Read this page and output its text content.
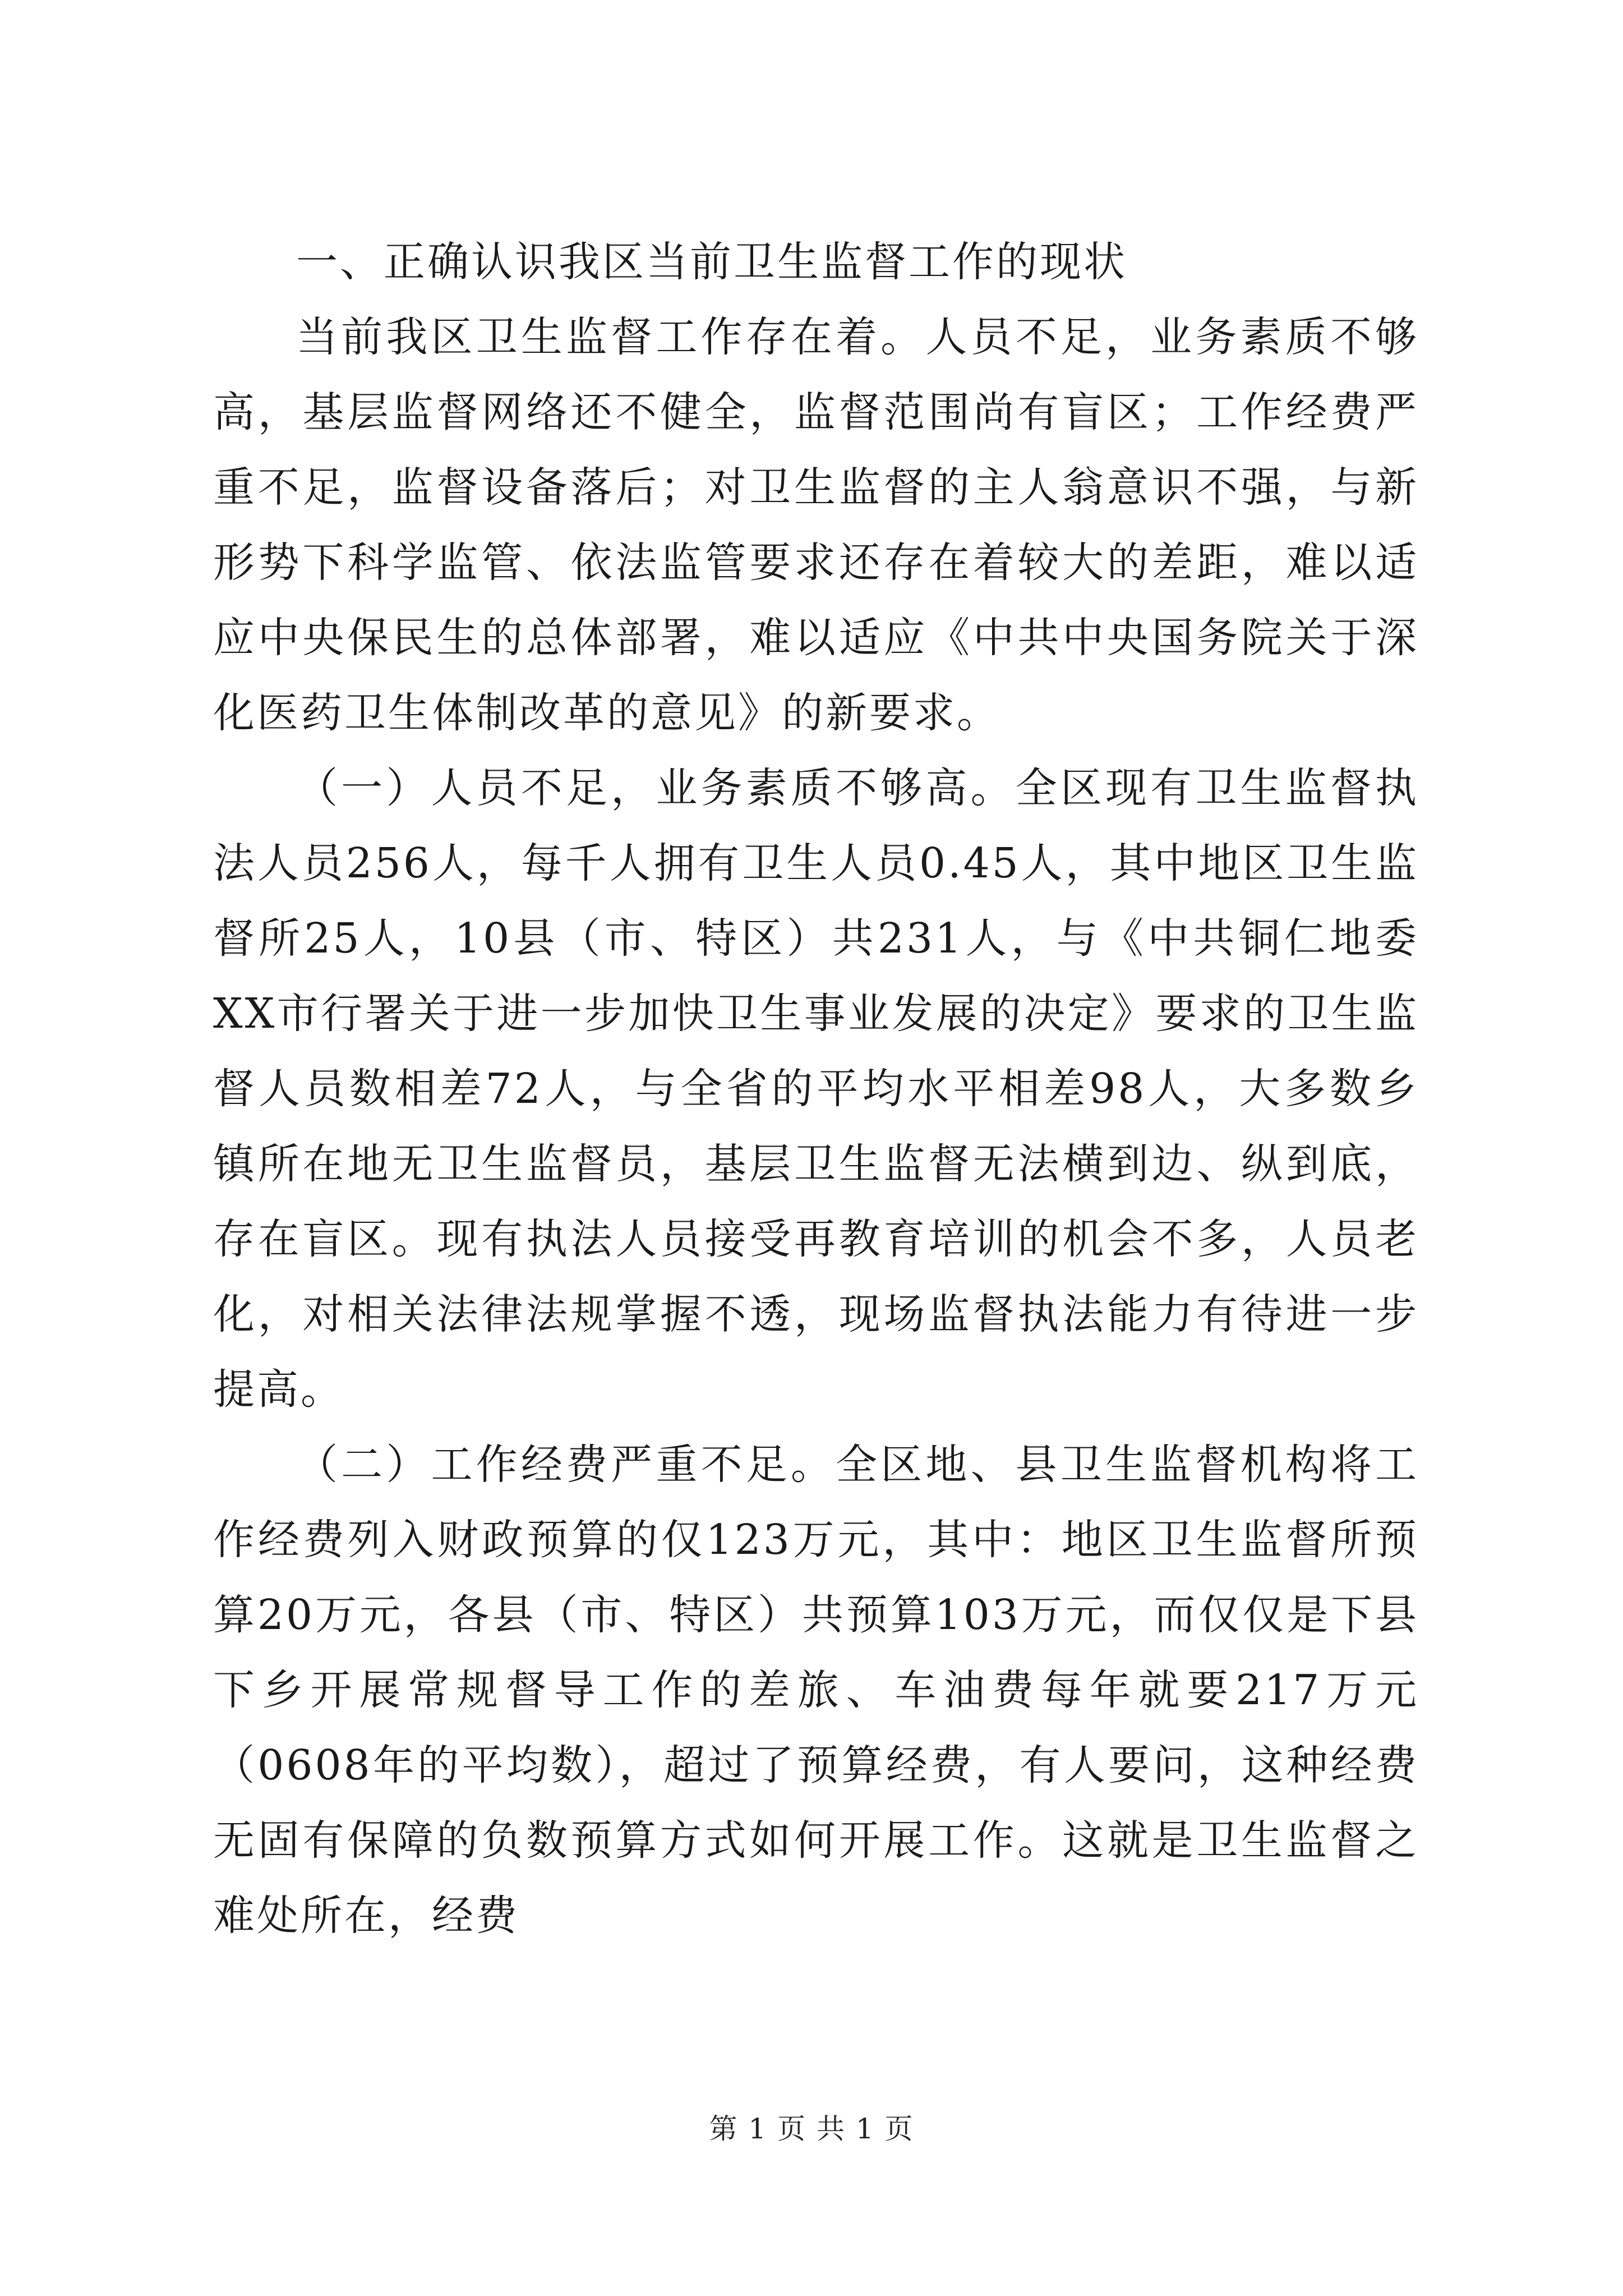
一、正确认识我区当前卫生监督工作的现状

当前我区卫生监督工作存在着。人员不足，业务素质不够高，基层监督网络还不健全，监督范围尚有盲区；工作经费严重不足，监督设备落后；对卫生监督的主人翁意识不强，与新形势下科学监管、依法监管要求还存在着较大的差距，难以适应中央保民生的总体部署，难以适应《中共中央国务院关于深化医药卫生体制改革的意见》的新要求。

（一）人员不足，业务素质不够高。全区现有卫生监督执法人员256人，每千人拥有卫生人员0.45人，其中地区卫生监督所25人，10县（市、特区）共231人，与《中共铜仁地委XX市行署关于进一步加快卫生事业发展的决定》要求的卫生监督人员数相差72人，与全省的平均水平相差98人，大多数乡镇所在地无卫生监督员，基层卫生监督无法横到边、纵到底，存在盲区。现有执法人员接受再教育培训的机会不多，人员老化，对相关法律法规掌握不透，现场监督执法能力有待进一步提高。

（二）工作经费严重不足。全区地、县卫生监督机构将工作经费列入财政预算的仅123万元，其中：地区卫生监督所预算20万元，各县（市、特区）共预算103万元，而仅仅是下县下乡开展常规督导工作的差旅、车油费每年就要217万元（0608年的平均数），超过了预算经费，有人要问，这种经费无固有保障的负数预算方式如何开展工作。这就是卫生监督之难处所在，经费

第 1 页 共 1 页
